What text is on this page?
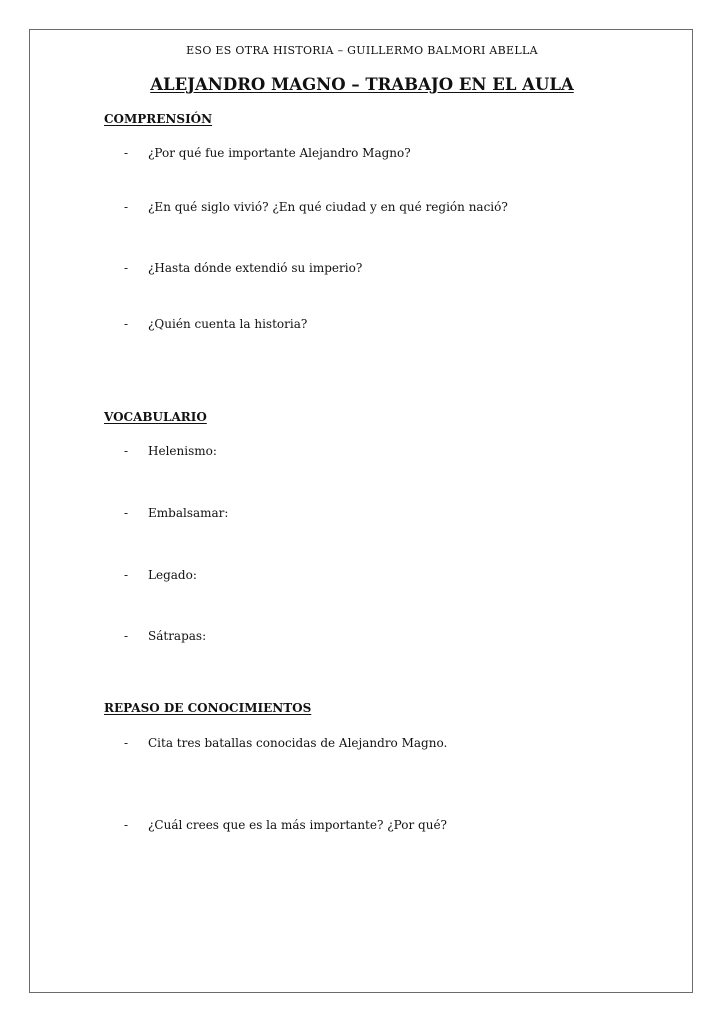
ESO ES OTRA HISTORIA – GUILLERMO BALMORI ABELLA
ALEJANDRO MAGNO – TRABAJO EN EL AULA
COMPRENSIÓN
- ¿Por qué fue importante Alejandro Magno?
- ¿En qué siglo vivió? ¿En qué ciudad y en qué región nació?
- ¿Hasta dónde extendió su imperio?
- ¿Quién cuenta la historia?
VOCABULARIO
- Helenismo:
- Embalsamar:
- Legado:
- Sátrapas:
REPASO DE CONOCIMIENTOS
- Cita tres batallas conocidas de Alejandro Magno.
- ¿Cuál crees que es la más importante? ¿Por qué?
